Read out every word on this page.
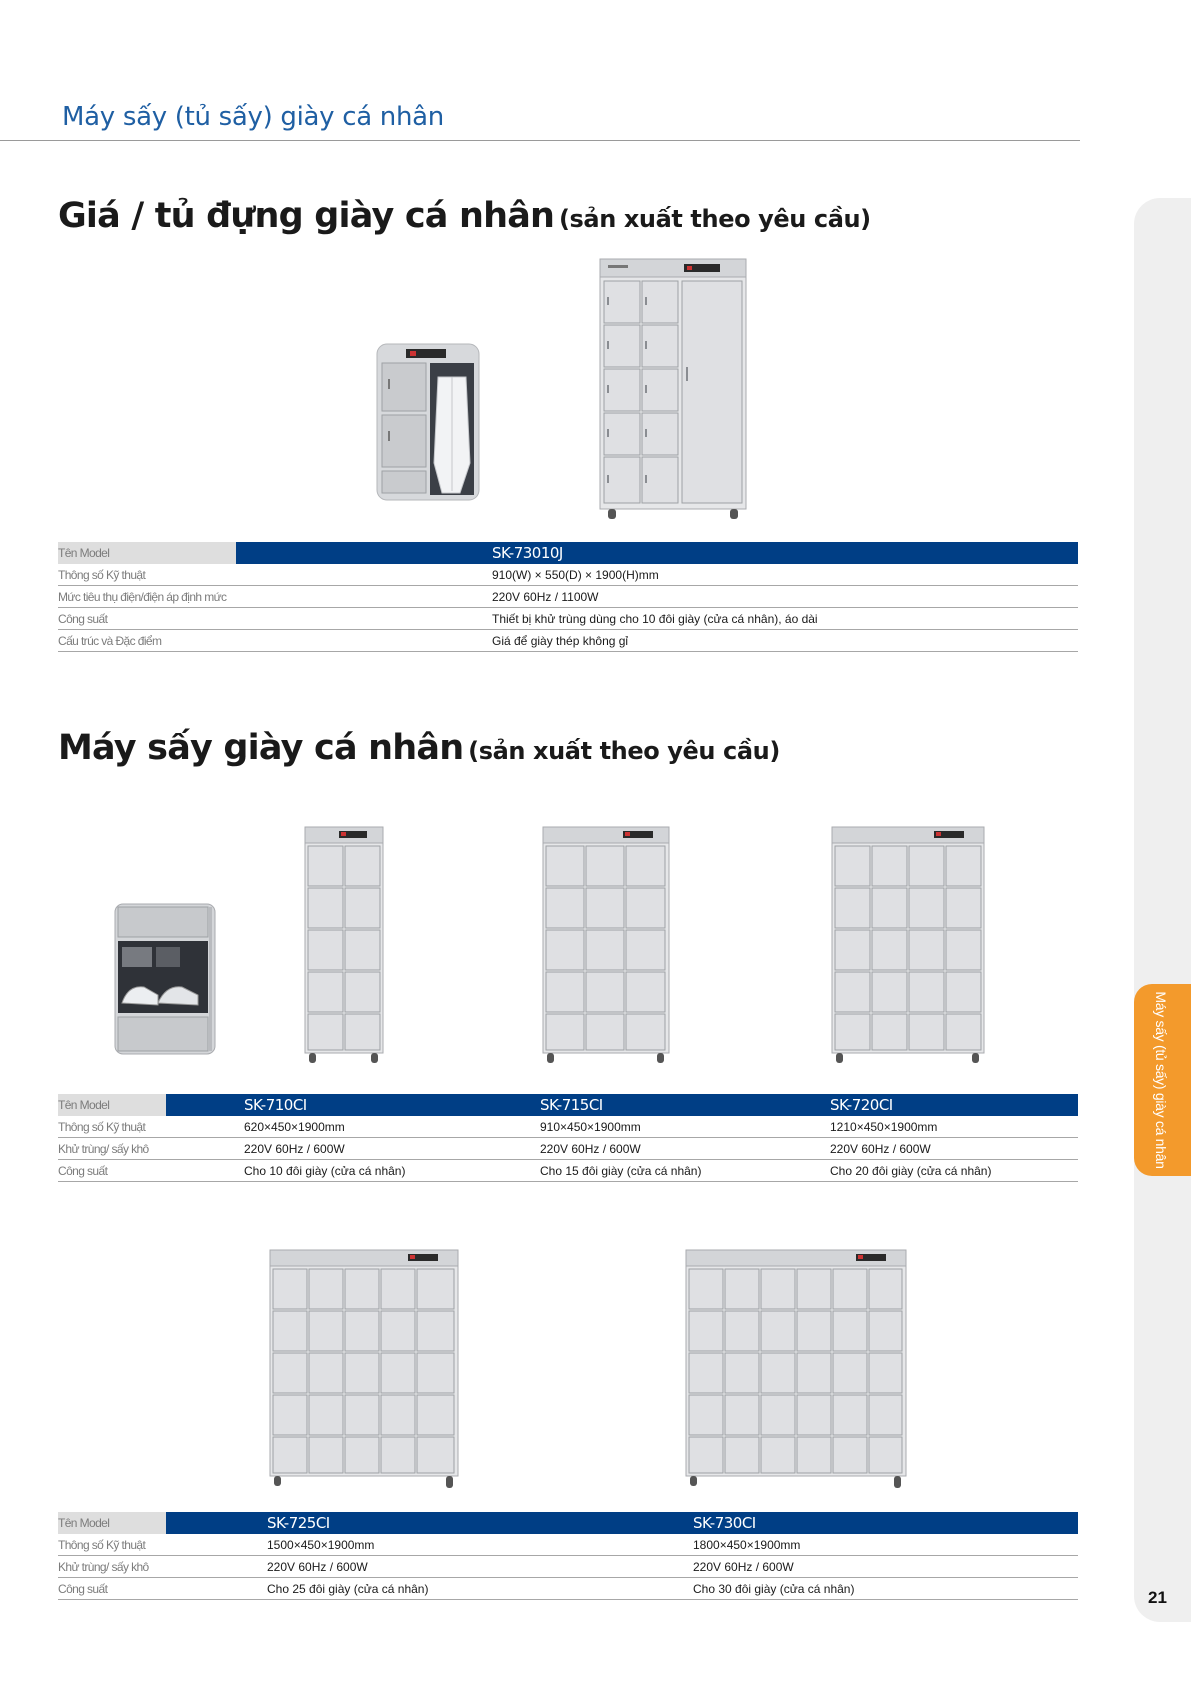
Máy sấy (tủ sấy) giày cá nhân
Máy sấy (tủ sấy) giày cá nhân
21
Giá / tủ đựng giày cá nhân (sản xuất theo yêu cầu)
Tên Model	SK-73010J
Thông số Kỹ thuật	910(W) × 550(D) × 1900(H)mm
Mức tiêu thụ điện/điện áp định mức	220V 60Hz / 1100W
Công suất	Thiết bị khử trùng dùng cho 10 đôi giày (cửa cá nhân), áo dài
Cấu trúc và Đặc điểm	Giá để giày thép không gỉ
Máy sấy giày cá nhân (sản xuất theo yêu cầu)
Tên Model	SK-710CI	SK-715CI	SK-720CI
Thông số Kỹ thuật	620×450×1900mm	910×450×1900mm	1210×450×1900mm
Khử trùng/ sấy khô	220V 60Hz / 600W	220V 60Hz / 600W	220V 60Hz / 600W
Công suất	Cho 10 đôi giày (cửa cá nhân)	Cho 15 đôi giày (cửa cá nhân)	Cho 20 đôi giày (cửa cá nhân)
Tên Model	SK-725CI	SK-730CI
Thông số Kỹ thuật	1500×450×1900mm	1800×450×1900mm
Khử trùng/ sấy khô	220V 60Hz / 600W	220V 60Hz / 600W
Công suất	Cho 25 đôi giày (cửa cá nhân)	Cho 30 đôi giày (cửa cá nhân)
